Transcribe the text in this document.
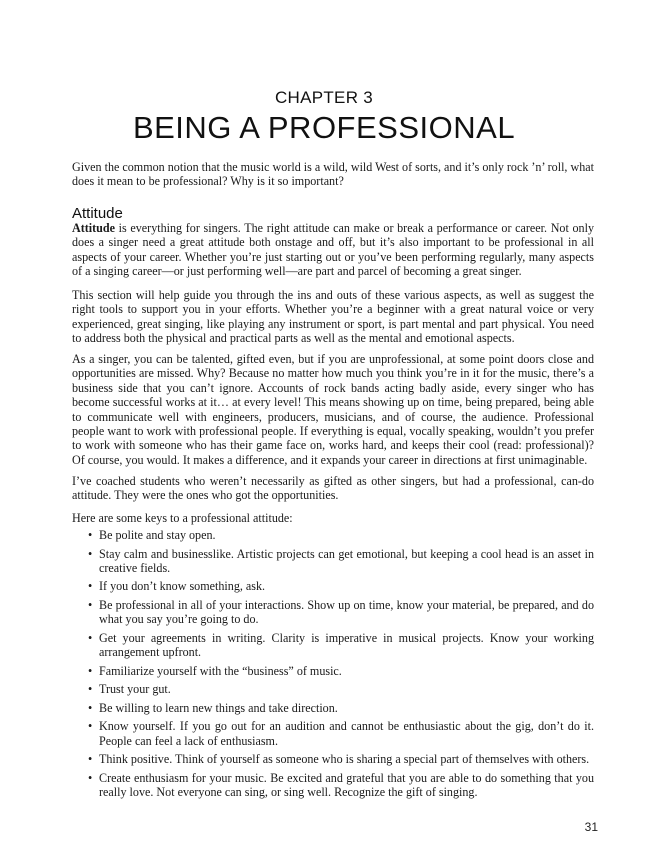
CHAPTER 3
BEING A PROFESSIONAL

Given the common notion that the music world is a wild, wild West of sorts, and it’s only rock ’n’ roll, what does it mean to be professional? Why is it so important?

Attitude

Attitude is everything for singers. The right attitude can make or break a performance or career. Not only does a singer need a great attitude both onstage and off, but it’s also important to be professional in all aspects of your career. Whether you’re just starting out or you’ve been performing regularly, many aspects of a singing career—or just performing well—are part and parcel of becoming a great singer.

This section will help guide you through the ins and outs of these various aspects, as well as suggest the right tools to support you in your efforts. Whether you’re a beginner with a great natural voice or very experienced, great singing, like playing any instrument or sport, is part mental and part physical. You need to address both the physical and practical parts as well as the mental and emotional aspects.

As a singer, you can be talented, gifted even, but if you are unprofessional, at some point doors close and opportunities are missed. Why? Because no matter how much you think you’re in it for the music, there’s a business side that you can’t ignore. Accounts of rock bands acting badly aside, every singer who has become successful works at it… at every level! This means showing up on time, being prepared, being able to communicate well with engineers, producers, musicians, and of course, the audience. Professional people want to work with professional people. If everything is equal, vocally speaking, wouldn’t you prefer to work with someone who has their game face on, works hard, and keeps their cool (read: professional)? Of course, you would. It makes a difference, and it expands your career in directions at first unimaginable.

I’ve coached students who weren’t necessarily as gifted as other singers, but had a professional, can-do attitude. They were the ones who got the opportunities.

Here are some keys to a professional attitude:

• Be polite and stay open.
• Stay calm and businesslike. Artistic projects can get emotional, but keeping a cool head is an asset in creative fields.
• If you don’t know something, ask.
• Be professional in all of your interactions. Show up on time, know your material, be prepared, and do what you say you’re going to do.
• Get your agreements in writing. Clarity is imperative in musical projects. Know your working arrangement upfront.
• Familiarize yourself with the “business” of music.
• Trust your gut.
• Be willing to learn new things and take direction.
• Know yourself. If you go out for an audition and cannot be enthusiastic about the gig, don’t do it. People can feel a lack of enthusiasm.
• Think positive. Think of yourself as someone who is sharing a special part of themselves with others.
• Create enthusiasm for your music. Be excited and grateful that you are able to do something that you really love. Not everyone can sing, or sing well. Recognize the gift of singing.
31
